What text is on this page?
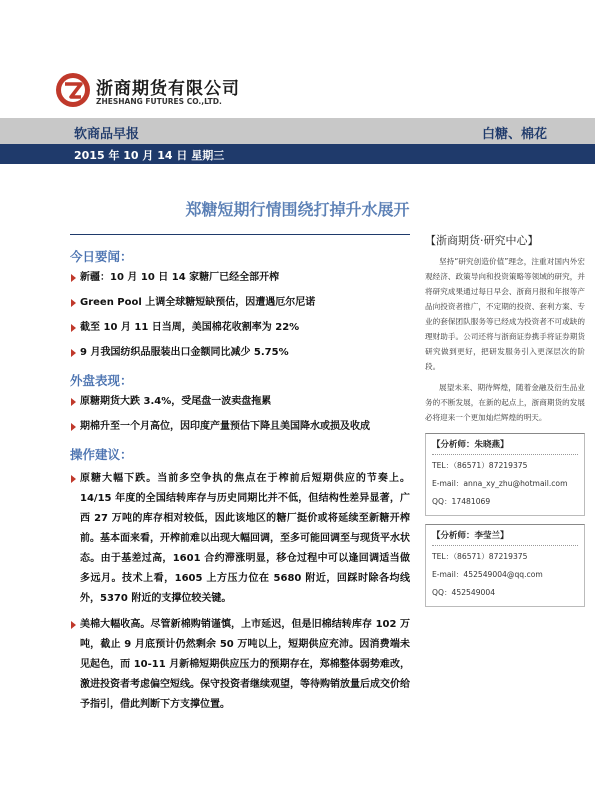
浙商期货有限公司
ZHESHANG FUTURES CO.,LTD.
软商品早报	白糖、棉花
2015 年 10 月 14 日 星期三
郑糖短期行情围绕打掉升水展开
今日要闻：
新疆：10 月 10 日 14 家糖厂已经全部开榨
Green Pool 上调全球糖短缺预估，因遭遇厄尔尼诺
截至 10 月 11 日当周，美国棉花收割率为 22%
9 月我国纺织品服装出口金额同比减少 5.75%
外盘表现：
原糖期货大跌 3.4%，受尾盘一波卖盘拖累
期棉升至一个月高位，因印度产量预估下降且美国降水或损及收成
操作建议：
原糖大幅下跌。当前多空争执的焦点在于榨前后短期供应的节奏上。14/15 年度的全国结转库存与历史同期比并不低，但结构性差异显著，广西 27 万吨的库存相对较低，因此该地区的糖厂挺价或将延续至新糖开榨前。基本面来看，开榨前难以出现大幅回调，至多可能回调至与现货平水状态。由于基差过高，1601 合约滞涨明显，移仓过程中可以逢回调适当做多远月。技术上看，1605 上方压力位在 5680 附近，回踩时除各均线外，5370 附近的支撑位较关键。
美棉大幅收高。尽管新棉购销谨慎，上市延迟，但是旧棉结转库存 102 万吨，截止 9 月底预计仍然剩余 50 万吨以上，短期供应充沛。因消费端未见起色，而 10-11 月新棉短期供应压力的预期存在，郑棉整体弱势难改，激进投资者考虑偏空短线。保守投资者继续观望，等待购销放量后成交价给予指引，借此判断下方支撑位置。
【浙商期货·研究中心】
坚持“研究创造价值”理念，注重对国内外宏观经济、政策导向和投资策略等领域的研究，并将研究成果通过每日早会、浙商月报和年报等产品向投资者推广，不定期的投资、套利方案、专业的套保团队服务等已经成为投资者不可或缺的理财助手。公司还将与浙商证券携手将证券期货研究做到更好，把研发服务引入更深层次的阶段。
展望未来、期待辉煌，随着金融及衍生品业务的不断发展，在新的起点上，浙商期货的发展必将迎来一个更加灿烂辉煌的明天。
【分析师：朱晓燕】
TEL：（86571）87219375
E-mail：anna_xy_zhu@hotmail.com
QQ：17481069
【分析师：李莹兰】
TEL：（86571）87219375
E-mail：452549004@qq.com
QQ：452549004
